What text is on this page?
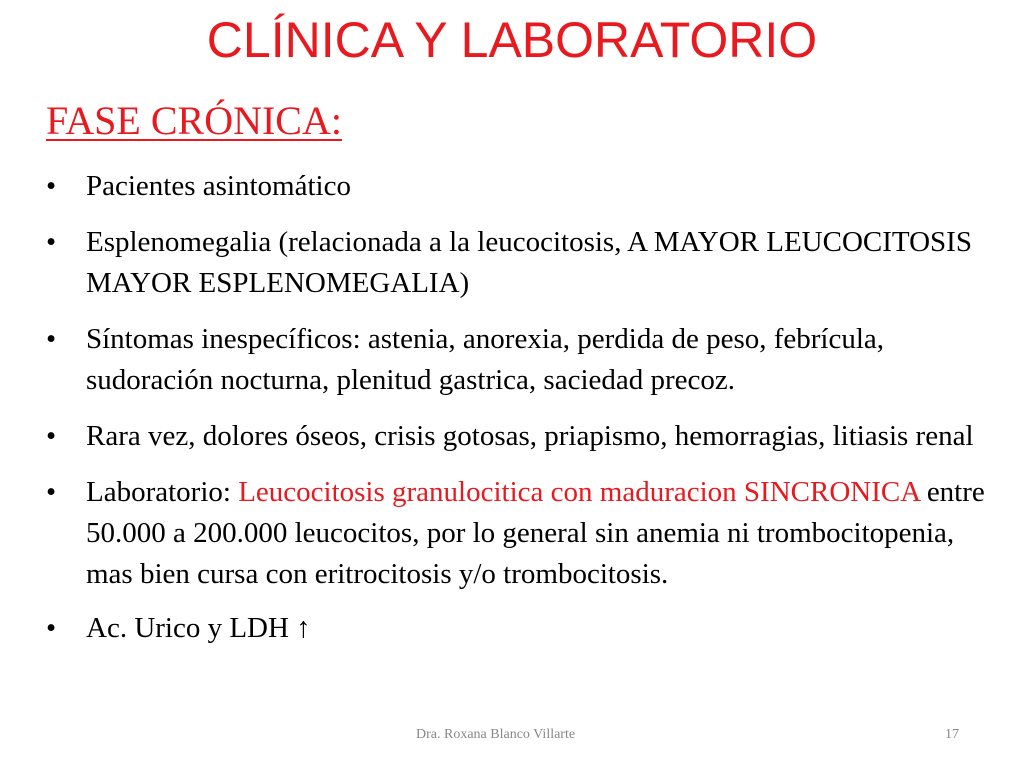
CLÍNICA Y LABORATORIO
FASE CRÓNICA:
• Pacientes asintomático
• Esplenomegalia (relacionada a la leucocitosis, A MAYOR LEUCOCITOSIS MAYOR ESPLENOMEGALIA)
• Síntomas inespecíficos: astenia, anorexia, perdida de peso, febrícula, sudoración nocturna, plenitud gastrica, saciedad precoz.
• Rara vez, dolores óseos, crisis gotosas, priapismo, hemorragias, litiasis renal
• Laboratorio: Leucocitosis granulocitica con maduracion SINCRONICA entre 50.000 a 200.000 leucocitos, por lo general sin anemia ni trombocitopenia, mas bien cursa con eritrocitosis y/o trombocitosis.
• Ac. Urico y LDH ↑
Dra. Roxana Blanco Villarte	17
